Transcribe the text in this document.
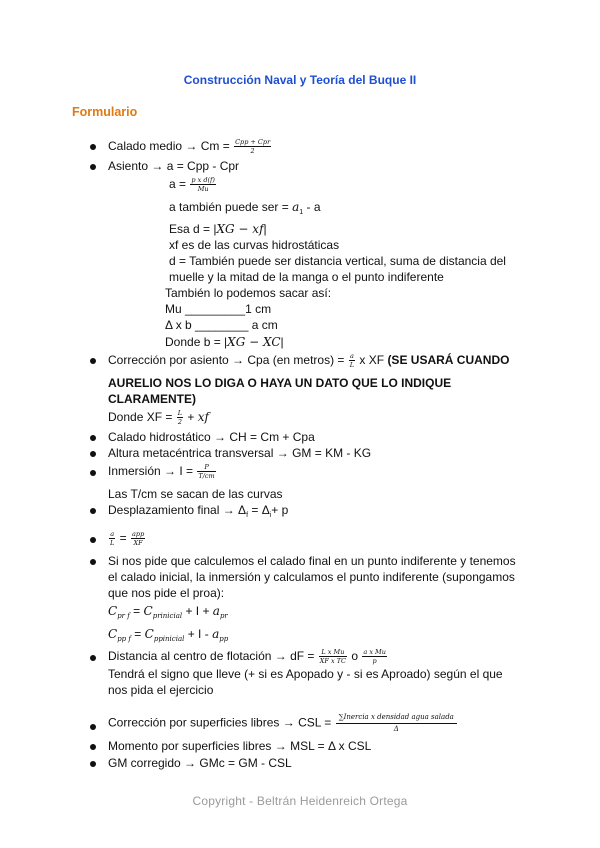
Construcción Naval y Teoría del Buque II
Formulario
Calado medio → $Cm = \frac{\text{Cpp + Cpr}}{2}$
Asiento → a = Cpp - Cpr
$a = \frac{\text{p x d(f)}}{Mu}$
a también puede ser = $a_1$ - a
Esa d = |XG − xf|
xf es de las curvas hidrostáticas
d = También puede ser distancia vertical, suma de distancia del
muelle y la mitad de la manga o el punto indiferente
También lo podemos sacar así:
Mu _________1 cm
Δ x b ________ a cm
Donde b = |XG − XC|
Corrección por asiento → Cpa (en metros) = $\frac{a}{L}$ x XF (SE USARÁ CUANDO
AURELIO NOS LO DIGA O HAYA UN DATO QUE LO INDIQUE
CLARAMENTE)
Donde XF = $\frac{L}{2}$ + xf
Calado hidrostático → CH = Cm + Cpa
Altura metacéntrica transversal → GM = KM - KG
Inmersión → $I = \frac{P}{T/cm}$
Las T/cm se sacan de las curvas
Desplazamiento final → $\Delta_f = \Delta_i+ p$
$\frac{a}{L} = \frac{\text{app}}{XF}$
Si nos pide que calculemos el calado final en un punto indiferente y tenemos
el calado inicial, la inmersión y calculamos el punto indiferente (supongamos
que nos pide el proa):
$C_{pr f} = C_{prinicial} + I + a_{pr}$
$C_{pp f} = C_{ppinicial} + I - a_{pp}$
Distancia al centro de flotación → dF = $\frac{\text{L x Mu}}{\text{XF x TC}}$ o $\frac{\text{a x Mu}}{p}$
Tendrá el signo que lleve (+ si es Apopado y - si es Aproado) según el que
nos pida el ejercicio
Corrección por superficies libres → CSL = $\frac{\text{∑Inercia x densidad agua salada}}{\Delta}$
Momento por superficies libres → MSL = Δ x CSL
GM corregido → GMc = GM - CSL
Copyright - Beltrán Heidenreich Ortega
